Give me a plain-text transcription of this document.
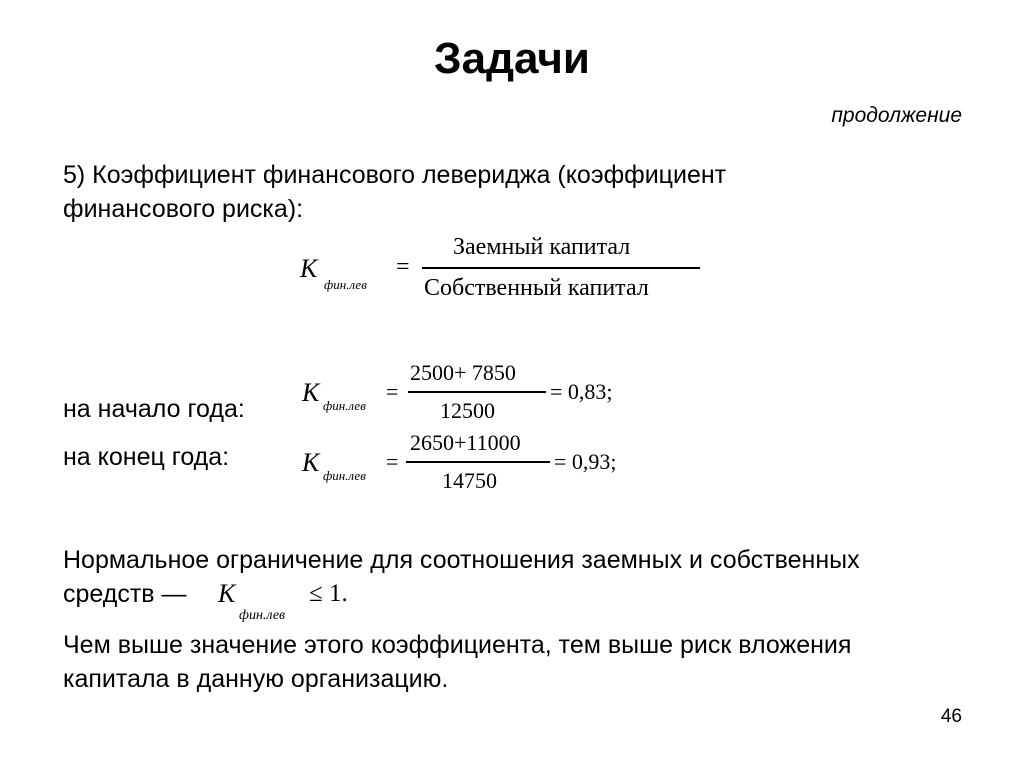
Задачи
продолжение
5) Коэффициент финансового левериджа (коэффициент
финансового риска):
К
фин.лев
=
Заемный капитал
Собственный капитал
на начало года:
К фин.лев
=
2500+ 7850
12500
= 0,83;
на конец года:	К фин.лев
=
2650+11000
14750
= 0,93;
Нормальное ограничение для соотношения заемных и собственных
средств — К
фин.лев
≤ 1.
Чем выше значение этого коэффициента, тем выше риск вложения
капитала в данную организацию.
46
